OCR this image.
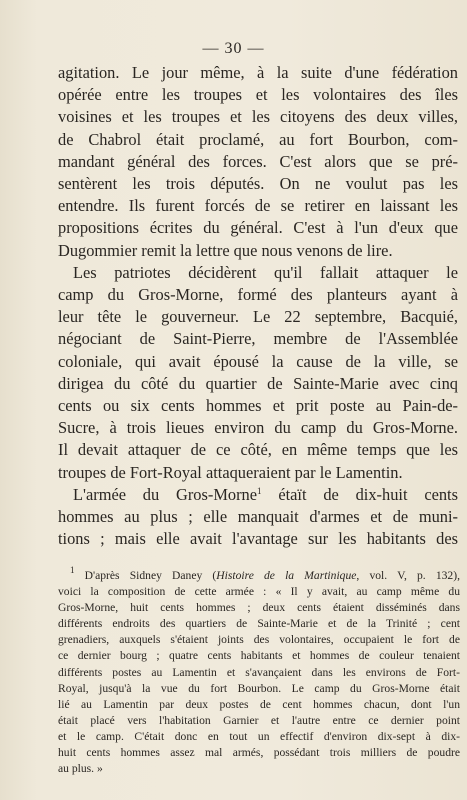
— 30 —
agitation. Le jour même, à la suite d'une fédération
opérée entre les troupes et les volontaires des îles
voisines et les troupes et les citoyens des deux villes,
de Chabrol était proclamé, au fort Bourbon, com-
mandant général des forces. C'est alors que se pré-
sentèrent les trois députés. On ne voulut pas les
entendre. Ils furent forcés de se retirer en laissant les
propositions écrites du général. C'est à l'un d'eux que
Dugommier remit la lettre que nous venons de lire.
Les patriotes décidèrent qu'il fallait attaquer le
camp du Gros-Morne, formé des planteurs ayant à
leur tête le gouverneur. Le 22 septembre, Bacquié,
négociant de Saint-Pierre, membre de l'Assemblée
coloniale, qui avait épousé la cause de la ville, se
dirigea du côté du quartier de Sainte-Marie avec cinq
cents ou six cents hommes et prit poste au Pain-de-
Sucre, à trois lieues environ du camp du Gros-Morne.
Il devait attaquer de ce côté, en même temps que les
troupes de Fort-Royal attaqueraient par le Lamentin.
L'armée du Gros-Morne$^1$ étaït de dix-huit cents
hommes au plus ; elle manquait d'armes et de muni-
tions ; mais elle avait l'avantage sur les habitants des
$^1$ D'après Sidney Daney (Histoire de la Martinique, vol. V, p. 132),
voici la composition de cette armée : « Il y avait, au camp même du
Gros-Morne, huit cents hommes ; deux cents étaient disséminés dans
différents endroits des quartiers de Sainte-Marie et de la Trinité ; cent
grenadiers, auxquels s'étaient joints des volontaires, occupaient le fort de
ce dernier bourg ; quatre cents habitants et hommes de couleur tenaient
différents postes au Lamentin et s'avançaient dans les environs de Fort-
Royal, jusqu'à la vue du fort Bourbon. Le camp du Gros-Morne était
lié au Lamentin par deux postes de cent hommes chacun, dont l'un
était placé vers l'habitation Garnier et l'autre entre ce dernier point
et le camp. C'était donc en tout un effectif d'environ dix-sept à dix-
huit cents hommes assez mal armés, possédant trois milliers de poudre
au plus. »
